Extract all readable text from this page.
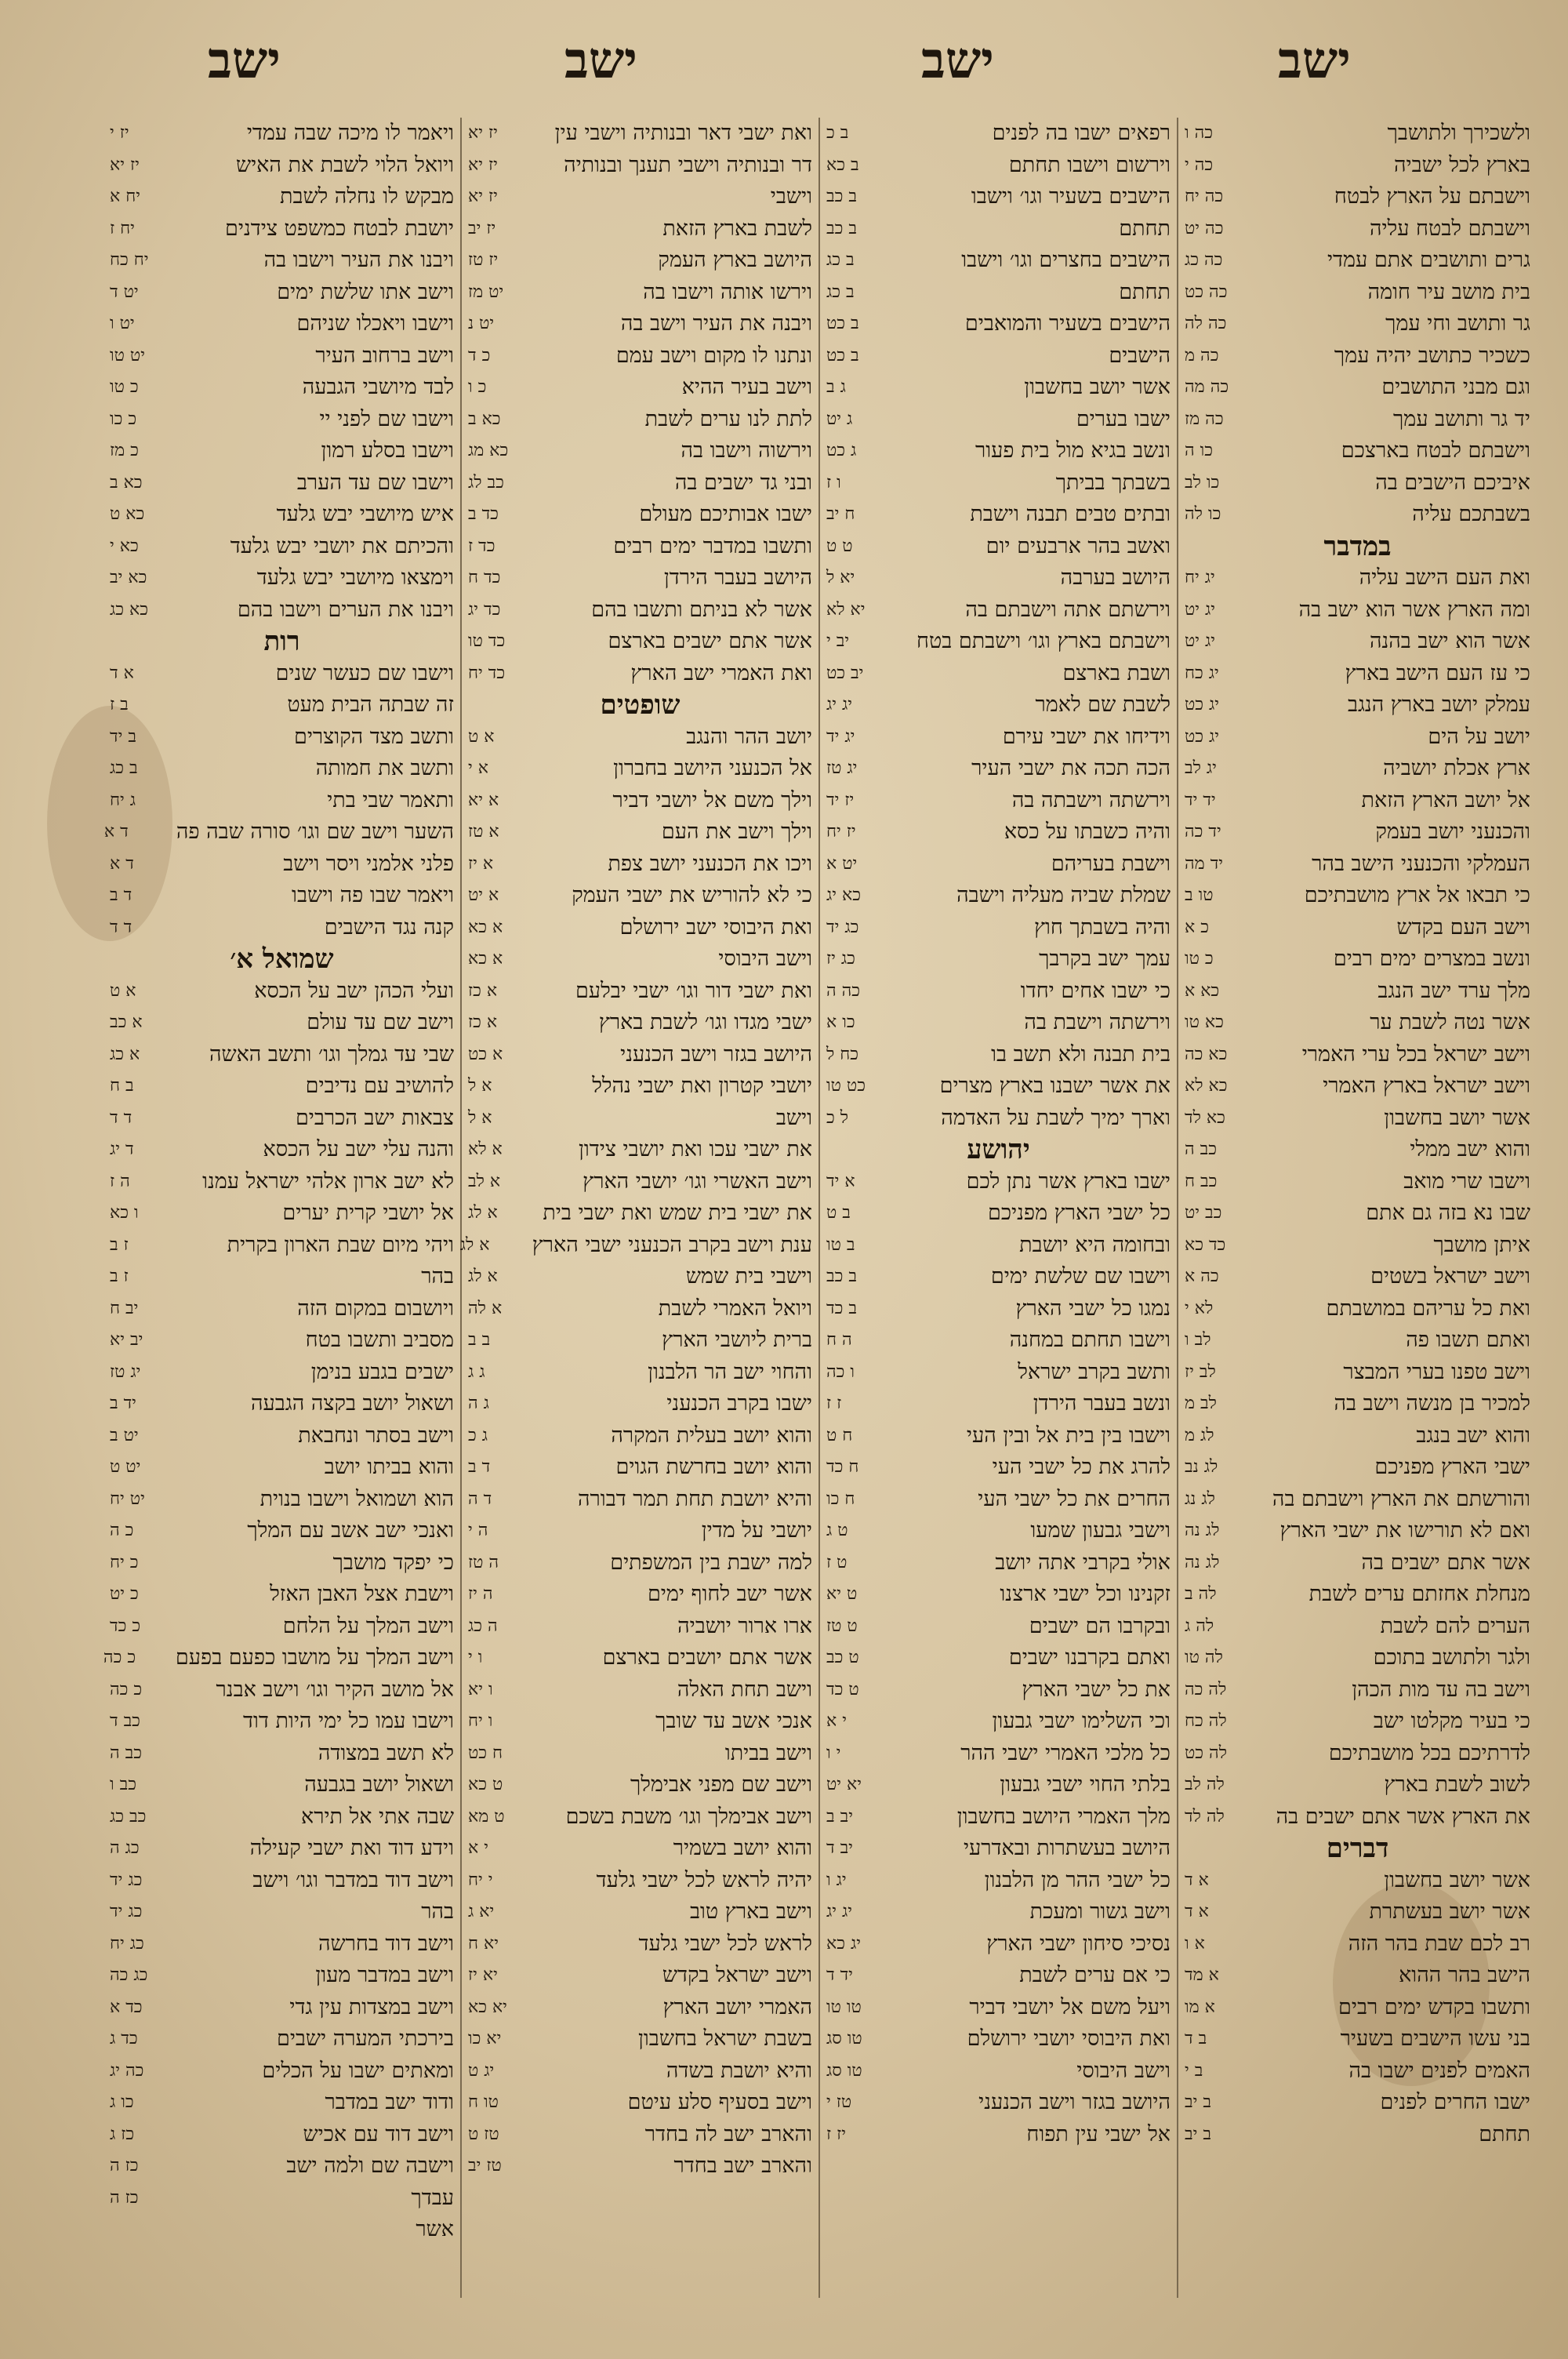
ישב
ישב
ישב
ישב
ולשכירך ולתושבך
כה ו
בארץ לכל ישביה
כה י
וישבתם על הארץ לבטח
כה יח
וישבתם לבטח עליה
כה יט
גרים ותושבים אתם עמדי
כה כג
בית מושב עיר חומה
כה כט
גר ותושב וחי עמך
כה לה
כשכיר כתושב יהיה עמך
כה מ
וגם מבני התושבים
כה מה
יד גר ותושב עמך
כה מז
וישבתם לבטח בארצכם
כו ה
איביכם הישבים בה
כו לב
בשבתכם עליה
כו לה
במדבר
ואת העם הישב עליה
יג יח
ומה הארץ אשר הוא ישב בה
יג יט
אשר הוא ישב בהנה
יג יט
כי עז העם הישב בארץ
יג כח
עמלק יושב בארץ הנגב
יג כט
יושב על הים
יג כט
ארץ אכלת יושביה
יג לב
אל יושב הארץ הזאת
יד יד
והכנעני יושב בעמק
יד כה
העמלקי והכנעני הישב בהר
יד מה
כי תבאו אל ארץ מושבתיכם
טו ב
וישב העם בקדש
כ א
ונשב במצרים ימים רבים
כ טו
מלך ערד ישב הנגב
כא א
אשר נטה לשבת ער
כא טו
וישב ישראל בכל ערי האמרי
כא כה
וישב ישראל בארץ האמרי
כא לא
אשר יושב בחשבון
כא לד
והוא ישב ממלי
כב ה
וישבו שרי מואב
כב ח
שבו נא בזה גם אתם
כב יט
איתן מושבך
כד כא
וישב ישראל בשטים
כה א
ואת כל עריהם במושבתם
לא י
ואתם תשבו פה
לב ו
וישב טפנו בערי המבצר
לב יז
למכיר בן מנשה וישב בה
לב מ
והוא ישב בנגב
לג מ
ישבי הארץ מפניכם
לג נב
והורשתם את הארץ וישבתם בה
לג נג
ואם לא תורישו את ישבי הארץ
לג נה
אשר אתם ישבים בה
לג נה
מנחלת אחזתם ערים לשבת
לה ב
הערים להם לשבת
לה ג
ולגר ולתושב בתוכם
לה טו
וישב בה עד מות הכהן
לה כה
כי בעיר מקלטו ישב
לה כח
לדרתיכם בכל מושבתיכם
לה כט
לשוב לשבת בארץ
לה לב
את הארץ אשר אתם ישבים בה
לה לד
דברים
אשר יושב בחשבון
א ד
אשר יושב בעשתרת
א ד
רב לכם שבת בהר הזה
א ו
הישב בהר ההוא
א מד
ותשבו בקדש ימים רבים
א מו
בני עשו הישבים בשעיר
ב ד
האמים לפנים ישבו בה
ב י
ישבו החרים לפנים
ב יב
תחתם
ב יב
רפאים ישבו בה לפנים
ב כ
וירשום וישבו תחתם
ב כא
הישבים בשעיר וגו׳ וישבו
ב כב
תחתם
ב כב
הישבים בחצרים וגו׳ וישבו
ב כג
תחתם
ב כג
הישבים בשעיר והמואבים
ב כט
הישבים
ב כט
אשר יושב בחשבון
ג ב
ישבו בערים
ג יט
ונשב בגיא מול בית פעור
ג כט
בשבתך בביתך
ו ז
ובתים טבים תבנה וישבת
ח יב
ואשב בהר ארבעים יום
ט ט
היושב בערבה
יא ל
וירשתם אתה וישבתם בה
יא לא
וישבתם בארץ וגו׳ וישבתם בטח
יב י
ושבת בארצם
יב כט
לשבת שם לאמר
יג יג
וידיחו את ישבי עירם
יג יד
הכה תכה את ישבי העיר
יג טז
וירשתה וישבתה בה
יז יד
והיה כשבתו על כסא
יז יח
וישבת בעריהם
יט א
שמלת שביה מעליה וישבה
כא יג
והיה בשבתך חוץ
כג יד
עמך ישב בקרבך
כג יז
כי ישבו אחים יחדו
כה ה
וירשתה וישבת בה
כו א
בית תבנה ולא תשב בו
כח ל
את אשר ישבנו בארץ מצרים
כט טו
וארך ימיך לשבת על האדמה
ל כ
יהושע
ישבו בארץ אשר נתן לכם
א יד
כל ישבי הארץ מפניכם
ב ט
ובחומה היא יושבת
ב טו
וישבו שם שלשת ימים
ב כב
נמגו כל ישבי הארץ
ב כד
וישבו תחתם במחנה
ה ח
ותשב בקרב ישראל
ו כה
ונשב בעבר הירדן
ז ז
וישבו בין בית אל ובין העי
ח ט
להרג את כל ישבי העי
ח כד
החרים את כל ישבי העי
ח כו
וישבי גבעון שמעו
ט ג
אולי בקרבי אתה יושב
ט ז
זקנינו וכל ישבי ארצנו
ט יא
ובקרבו הם ישבים
ט טז
ואתם בקרבנו ישבים
ט כב
את כל ישבי הארץ
ט כד
וכי השלימו ישבי גבעון
י א
כל מלכי האמרי ישבי ההר
י ו
בלתי החוי ישבי גבעון
יא יט
מלך האמרי היושב בחשבון
יב ב
היושב בעשתרות ובאדרעי
יב ד
כל ישבי ההר מן הלבנון
יג ו
וישב גשור ומעכת
יג יג
נסיכי סיחון ישבי הארץ
יג כא
כי אם ערים לשבת
יד ד
ויעל משם אל יושבי דביר
טו טו
ואת היבוסי יושבי ירושלם
טו סג
וישב היבוסי
טו סג
היושב בגזר וישב הכנעני
טז י
אל ישבי עין תפוח
יז ז
ואת ישבי דאר ובנותיה וישבי עין
יז יא
דר ובנותיה וישבי תענך ובנותיה
יז יא
וישבי
יז יא
לשבת בארץ הזאת
יז יב
היושב בארץ העמק
יז טז
וירשו אותה וישבו בה
יט מז
ויבנה את העיר וישב בה
יט נ
ונתנו לו מקום וישב עמם
כ ד
וישב בעיר ההיא
כ ו
לתת לנו ערים לשבת
כא ב
וירשוה וישבו בה
כא מג
ובני גד ישבים בה
כב לג
ישבו אבותיכם מעולם
כד ב
ותשבו במדבר ימים רבים
כד ז
היושב בעבר הירדן
כד ח
אשר לא בניתם ותשבו בהם
כד יג
אשר אתם ישבים בארצם
כד טו
ואת האמרי ישב הארץ
כד יח
שופטים
יושב ההר והנגב
א ט
אל הכנעני היושב בחברון
א י
וילך משם אל יושבי דביר
א יא
וילך וישב את העם
א טז
ויכו את הכנעני יושב צפת
א יז
כי לא להוריש את ישבי העמק
א יט
ואת היבוסי ישב ירושלם
א כא
וישב היבוסי
א כא
ואת ישבי דור וגו׳ ישבי יבלעם
א כז
ישבי מגדו וגו׳ לשבת בארץ
א כז
היושב בגזר וישב הכנעני
א כט
יושבי קטרון ואת ישבי נהלל
א ל
וישב
א ל
את ישבי עכו ואת יושבי צידון
א לא
וישב האשרי וגו׳ יושבי הארץ
א לב
את ישבי בית שמש ואת ישבי בית
א לג
ענת וישב בקרב הכנעני ישבי הארץ
א לג
וישבי בית שמש
א לג
ויואל האמרי לשבת
א לה
ברית ליושבי הארץ
ב ב
והחוי ישב הר הלבנון
ג ג
ישבו בקרב הכנעני
ג ה
והוא יושב בעלית המקרה
ג כ
והוא יושב בחרשת הגוים
ד ב
והיא יושבת תחת תמר דבורה
ד ה
יושבי על מדין
ה י
למה ישבת בין המשפתים
ה טז
אשר ישב לחוף ימים
ה יז
ארו ארור יושביה
ה כג
אשר אתם יושבים בארצם
ו י
וישב תחת האלה
ו יא
אנכי אשב עד שובך
ו יח
וישב בביתו
ח כט
וישב שם מפני אבימלך
ט כא
וישב אבימלך וגו׳ משבת בשכם
ט מא
והוא יושב בשמיר
י א
יהיה לראש לכל ישבי גלעד
י יח
וישב בארץ טוב
יא ג
לראש לכל ישבי גלעד
יא ח
וישב ישראל בקדש
יא יז
האמרי יושב הארץ
יא כא
בשבת ישראל בחשבון
יא כו
והיא יושבת בשדה
יג ט
וישב בסעיף סלע עיטם
טו ח
והארב ישב לה בחדר
טז ט
והארב ישב בחדר
טז יב
ויאמר לו מיכה שבה עמדי
יז י
ויואל הלוי לשבת את האיש
יז יא
מבקש לו נחלה לשבת
יח א
יושבת לבטח כמשפט צידנים
יח ז
ויבנו את העיר וישבו בה
יח כח
וישב אתו שלשת ימים
יט ד
וישבו ויאכלו שניהם
יט ו
וישב ברחוב העיר
יט טו
לבד מיושבי הגבעה
כ טו
וישבו שם לפני יי
כ כו
וישבו בסלע רמון
כ מז
וישבו שם עד הערב
כא ב
איש מיושבי יבש גלעד
כא ט
והכיתם את יושבי יבש גלעד
כא י
וימצאו מיושבי יבש גלעד
כא יב
ויבנו את הערים וישבו בהם
כא כג
רות
וישבו שם כעשר שנים
א ד
זה שבתה הבית מעט
ב ז
ותשב מצד הקוצרים
ב יד
ותשב את חמותה
ב כג
ותאמר שבי בתי
ג יח
השער וישב שם וגו׳ סורה שבה פה
ד א
פלני אלמני ויסר וישב
ד א
ויאמר שבו פה וישבו
ד ב
קנה נגד הישבים
ד ד
שמואל א׳
ועלי הכהן ישב על הכסא
א ט
וישב שם עד עולם
א כב
שבי עד גמלך וגו׳ ותשב האשה
א כג
להושיב עם נדיבים
ב ח
צבאות ישב הכרבים
ד ד
והנה עלי ישב על הכסא
ד יג
לא ישב ארון אלהי ישראל עמנו
ה ז
אל יושבי קרית יערים
ו כא
ויהי מיום שבת הארון בקרית
ז ב
בהר
ז ב
ויושבום במקום הזה
יב ח
מסביב ותשבו בטח
יב יא
ישבים בגבע בנימן
יג טז
ושאול יושב בקצה הגבעה
יד ב
וישב בסתר ונחבאת
יט ב
והוא בביתו יושב
יט ט
הוא ושמואל וישבו בנוית
יט יח
ואנכי ישב אשב עם המלך
כ ה
כי יפקד מושבך
כ יח
וישבת אצל האבן האזל
כ יט
וישב המלך על הלחם
כ כד
וישב המלך על מושבו כפעם בפעם
כ כה
אל מושב הקיר וגו׳ וישב אבנר
כ כה
וישבו עמו כל ימי היות דוד
כב ד
לא תשב במצודה
כב ה
ושאול יושב בגבעה
כב ו
שבה אתי אל תירא
כב כג
וידע דוד ואת ישבי קעילה
כג ה
וישב דוד במדבר וגו׳ וישב
כג יד
בהר
כג יד
וישב דוד בחרשה
כג יח
וישב במדבר מעון
כג כה
וישב במצדות עין גדי
כד א
בירכתי המערה ישבים
כד ג
ומאתים ישבו על הכלים
כה יג
ודוד ישב במדבר
כו ג
וישב דוד עם אכיש
כז ג
וישבה שם ולמה ישב
כז ה
עבדך
כז ה
אשר
